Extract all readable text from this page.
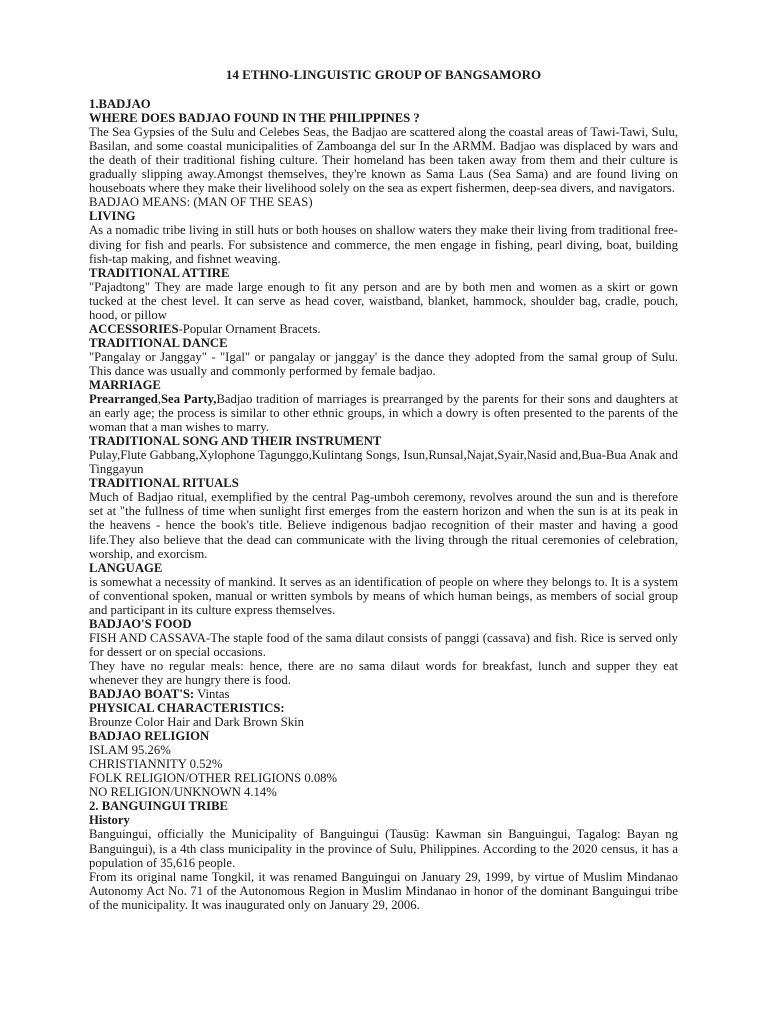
14 ETHNO-LINGUISTIC GROUP OF BANGSAMORO

1.BADJAO

WHERE DOES BADJAO FOUND IN THE PHILIPPINES ?

The Sea Gypsies of the Sulu and Celebes Seas, the Badjao are scattered along the coastal areas of Tawi-Tawi, Sulu, Basilan, and some coastal municipalities of Zamboanga del sur In the ARMM. Badjao was displaced by wars and the death of their traditional fishing culture. Their homeland has been taken away from them and their culture is gradually slipping away.Amongst themselves, they're known as Sama Laus (Sea Sama) and are found living on houseboats where they make their livelihood solely on the sea as expert fishermen, deep-sea divers, and navigators.

BADJAO MEANS: (MAN OF THE SEAS)

LIVING

As a nomadic tribe living in still huts or both houses on shallow waters they make their living from traditional free-diving for fish and pearls. For subsistence and commerce, the men engage in fishing, pearl diving, boat, building fish-tap making, and fishnet weaving.

TRADITIONAL ATTIRE

"Pajadtong" They are made large enough to fit any person and are by both men and women as a skirt or gown tucked at the chest level. It can serve as head cover, waistband, blanket, hammock, shoulder bag, cradle, pouch, hood, or pillow

ACCESSORIES-Popular Ornament Bracets.

TRADITIONAL DANCE

"Pangalay or Janggay" - "Igal" or pangalay or janggay' is the dance they adopted from the samal group of Sulu. This dance was usually and commonly performed by female badjao.

MARRIAGE

Prearranged,Sea Party,Badjao tradition of marriages is prearranged by the parents for their sons and daughters at an early age; the process is similar to other ethnic groups, in which a dowry is often presented to the parents of the woman that a man wishes to marry.

TRADITIONAL SONG AND THEIR INSTRUMENT

Pulay,Flute Gabbang,Xylophone Tagunggo,Kulintang Songs, Isun,Runsal,Najat,Syair,Nasid and,Bua-Bua Anak and Tinggayun

TRADITIONAL RITUALS

Much of Badjao ritual, exemplified by the central Pag-umboh ceremony, revolves around the sun and is therefore set at "the fullness of time when sunlight first emerges from the eastern horizon and when the sun is at its peak in the heavens - hence the book's title. Believe indigenous badjao recognition of their master and having a good life.They also believe that the dead can communicate with the living through the ritual ceremonies of celebration, worship, and exorcism.

LANGUAGE

is somewhat a necessity of mankind. It serves as an identification of people on where they belongs to. It is a system of conventional spoken, manual or written symbols by means of which human beings, as members of social group and participant in its culture express themselves.

BADJAO'S FOOD

FISH AND CASSAVA-The staple food of the sama dilaut consists of panggi (cassava) and fish. Rice is served only for dessert or on special occasions.

They have no regular meals: hence, there are no sama dilaut words for breakfast, lunch and supper they eat whenever they are hungry there is food.

BADJAO BOAT'S: Vintas

PHYSICAL CHARACTERISTICS:

Brounze Color Hair and Dark Brown Skin

BADJAO RELIGION

ISLAM 95.26%

CHRISTIANNITY 0.52%

FOLK RELIGION/OTHER RELIGIONS 0.08%

NO RELIGION/UNKNOWN 4.14%

2. BANGUINGUI TRIBE

History

Banguingui, officially the Municipality of Banguingui (Tausūg: Kawman sin Banguingui, Tagalog: Bayan ng Banguingui), is a 4th class municipality in the province of Sulu, Philippines. According to the 2020 census, it has a population of 35,616 people.

From its original name Tongkil, it was renamed Banguingui on January 29, 1999, by virtue of Muslim Mindanao Autonomy Act No. 71 of the Autonomous Region in Muslim Mindanao in honor of the dominant Banguingui tribe of the municipality. It was inaugurated only on January 29, 2006.
